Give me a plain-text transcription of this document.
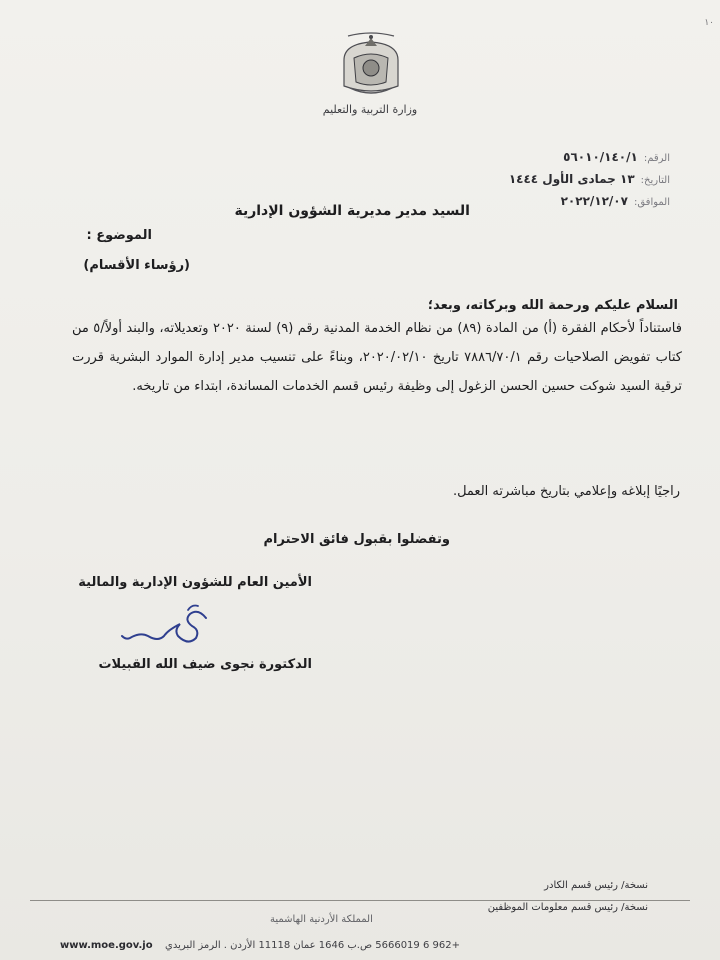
١٠
وزارة التربية والتعليم
الرقم:
٥٦٠١٠/١٤٠/١
التاريخ:
١٣ جمادى الأول ١٤٤٤
الموافق:
٢٠٢٢/١٢/٠٧
السيد مدير مديرية الشؤون الإدارية
الموضوع :
(رؤساء الأقسام)
السلام عليكم ورحمة الله وبركاته، وبعد؛
فاستناداً لأحكام الفقرة (أ) من المادة (٨٩) من نظام الخدمة المدنية رقم (٩) لسنة ٢٠٢٠ وتعديلاته، والبند أولاً/٥ من كتاب تفويض الصلاحيات رقم ٧٨٨٦/٧٠/١ تاريخ ٢٠٢٠/٠٢/١٠، وبناءً على تنسيب مدير إدارة الموارد البشرية قررت ترقية السيد شوكت حسين الحسن الزغول إلى وظيفة رئيس قسم الخدمات المساندة، ابتداء من تاريخه.
راجيًا إبلاغه وإعلامي بتاريخ مباشرته العمل.
وتفضلوا بقبول فائق الاحترام
الأمين العام للشؤون الإدارية والمالية
الدكتورة نجوى ضيف الله القبيلات
نسخة/ رئيس قسم الكادر
نسخة/ رئيس قسم معلومات الموظفين
المملكة الأردنية الهاشمية
www.moe.gov.jo +962 6 5666019 ص.ب 1646 عمان 11118 الأردن . الرمز البريدي
